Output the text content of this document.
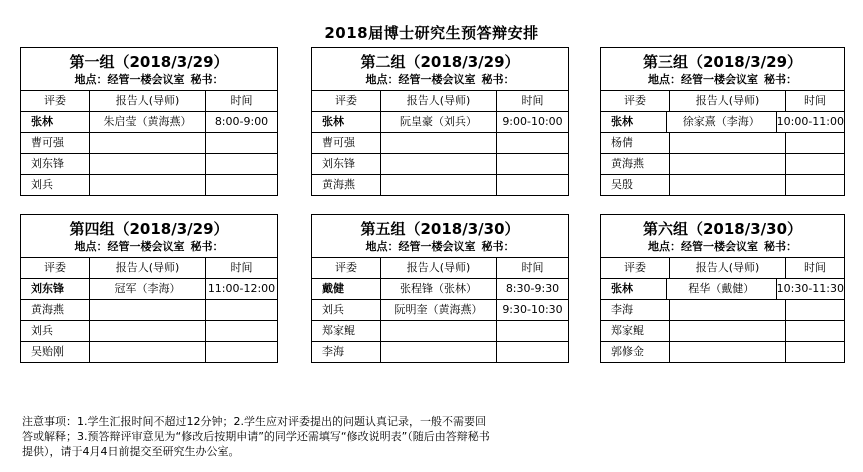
2018届博士研究生预答辩安排
第一组（2018/3/29）
地点：经管一楼会议室 秘书：
评委	报告人(导师)	时间
张林	朱启莹（黄海燕）	8:00-9:00
曹可强
刘东锋
刘兵
第二组（2018/3/29）
地点：经管一楼会议室 秘书：
评委	报告人(导师)	时间
张林	阮皇豪（刘兵）	9:00-10:00
曹可强
刘东锋
黄海燕
第三组（2018/3/29）
地点：经管一楼会议室 秘书：
评委	报告人(导师)	时间
张林	徐家熹（李海）	10:00-11:00
杨倩
黄海燕
吴殷
第四组（2018/3/29）
地点：经管一楼会议室 秘书：
评委	报告人(导师)	时间
刘东锋	冠军（李海）	11:00-12:00
黄海燕
刘兵
吴贻刚
第五组（2018/3/30）
地点：经管一楼会议室 秘书：
评委	报告人(导师)	时间
戴健	张程锋（张林）	8:30-9:30
刘兵	阮明奎（黄海燕）	9:30-10:30
郑家鲲
李海
第六组（2018/3/30）
地点：经管一楼会议室 秘书：
评委	报告人(导师)	时间
张林	程华（戴健）	10:30-11:30
李海
郑家鲲
郭修金
注意事项：1.学生汇报时间不超过12分钟；2.学生应对评委提出的问题认真记录，一般不需要回答或解释；3.预答辩评审意见为“修改后按期申请”的同学还需填写“修改说明表”（随后由答辩秘书提供），请于4月4日前提交至研究生办公室。
